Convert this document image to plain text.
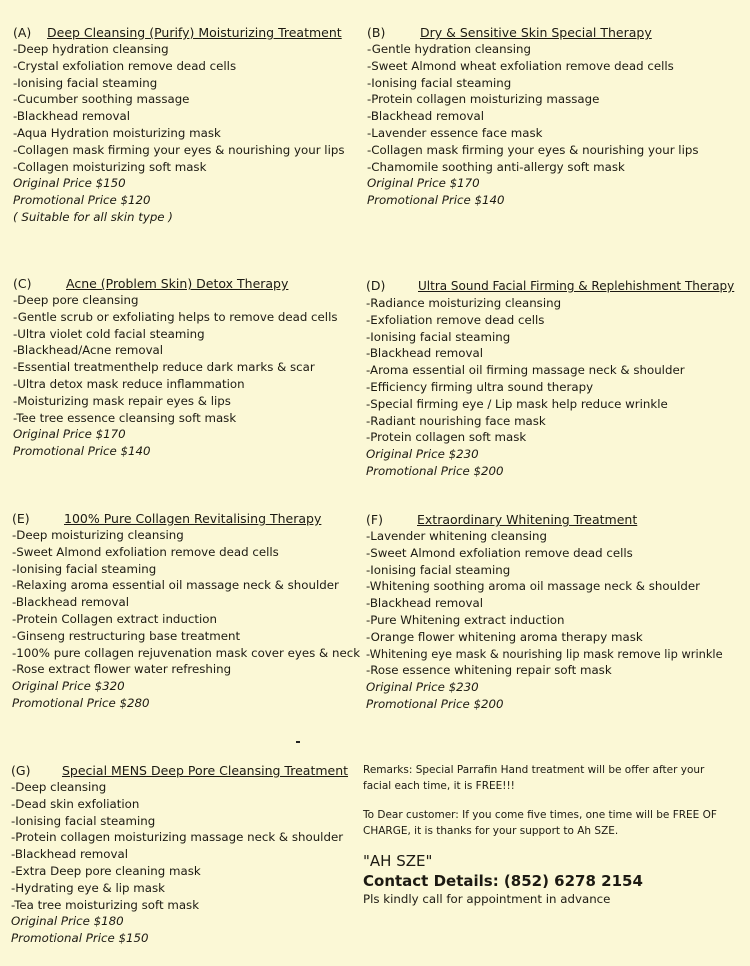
(A) Deep Cleansing (Purify) Moisturizing Treatment
- Deep hydration cleansing
- Crystal exfoliation remove dead cells
- Ionising facial steaming
- Cucumber soothing massage
- Blackhead removal
- Aqua Hydration moisturizing mask
- Collagen mask firming your eyes & nourishing your lips
- Collagen moisturizing soft mask
Original Price $150
Promotional Price $120
( Suitable for all skin type )
(B)	Dry & Sensitive Skin Special Therapy
- Gentle hydration cleansing
- Sweet Almond wheat exfoliation remove dead cells
- Ionising facial steaming
- Protein collagen moisturizing massage
- Blackhead removal
- Lavender essence face mask
- Collagen mask firming your eyes & nourishing your lips
- Chamomile soothing anti-allergy soft mask
Original Price $170
Promotional Price $140
(C)	Acne (Problem Skin) Detox Therapy
- Deep pore cleansing
- Gentle scrub or exfoliating helps to remove dead cells
- Ultra violet cold facial steaming
- Blackhead/Acne removal
- Essential treatmenthelp reduce dark marks & scar
- Ultra detox mask reduce inflammation
- Moisturizing mask repair eyes & lips
- Tee tree essence cleansing soft mask
Original Price $170
Promotional Price $140
(D)	Ultra Sound Facial Firming & Replehishment Therapy
- Radiance moisturizing cleansing
- Exfoliation remove dead cells
- Ionising facial steaming
- Blackhead removal
- Aroma essential oil firming massage neck & shoulder
- Efficiency firming ultra sound therapy
- Special firming eye / Lip mask help reduce wrinkle
- Radiant nourishing face mask
- Protein collagen soft mask
Original Price $230
Promotional Price $200
(E)	100% Pure Collagen Revitalising Therapy
- Deep moisturizing cleansing
- Sweet Almond exfoliation remove dead cells
- Ionising facial steaming
- Relaxing aroma essential oil massage neck & shoulder
- Blackhead removal
- Protein Collagen extract induction
- Ginseng restructuring base treatment
- 100% pure collagen rejuvenation mask cover eyes & neck
- Rose extract flower water refreshing
Original Price $320
Promotional Price $280
(F)	Extraordinary Whitening Treatment
- Lavender whitening cleansing
- Sweet Almond exfoliation remove dead cells
- Ionising facial steaming
- Whitening soothing aroma oil massage neck & shoulder
- Blackhead removal
- Pure Whitening extract induction
- Orange flower whitening aroma therapy mask
- Whitening eye mask & nourishing lip mask remove lip wrinkle
- Rose essence whitening repair soft mask
Original Price $230
Promotional Price $200
(G)	Special MENS Deep Pore Cleansing Treatment
- Deep cleansing
- Dead skin exfoliation
- Ionising facial steaming
- Protein collagen moisturizing massage neck & shoulder
- Blackhead removal
- Extra Deep pore cleaning mask
- Hydrating eye & lip mask
- Tea tree moisturizing soft mask
Original Price $180
Promotional Price $150
Remarks: Special Parrafin Hand treatment will be offer after your facial each time, it is FREE!!!
To Dear customer: If you come five times, one time will be FREE OF CHARGE, it is thanks for your support to Ah SZE.
"AH SZE"
Contact Details: (852) 6278 2154
Pls kindly call for appointment in advance
